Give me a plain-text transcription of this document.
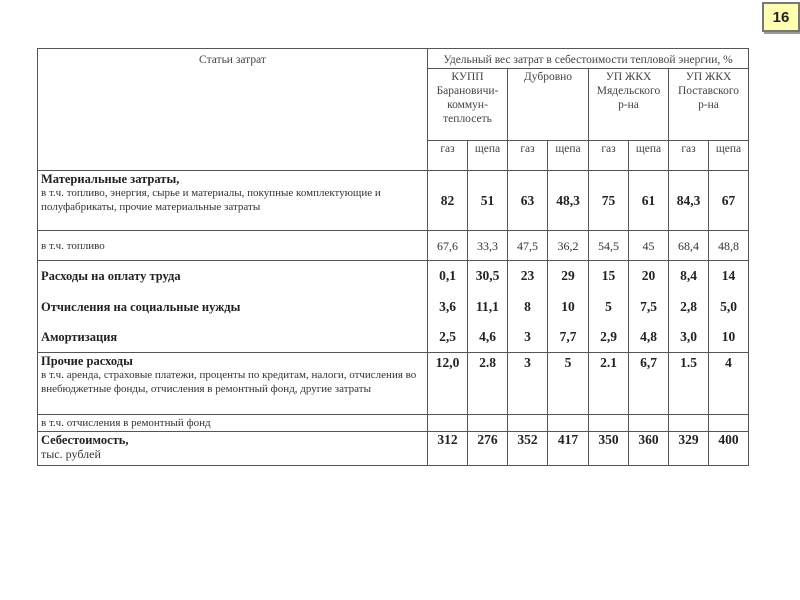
16
Статьи затрат	Удельный вес затрат в себестоимости тепловой энергии, %							
	КУПП Барановичи-коммун-теплосеть		Дубровно		УП ЖКХ Мядельского р-на		УП ЖКХ Поставского р-на	
	газ	щепа	газ	щепа	газ	щепа	газ	щепа

Материальные затраты,
в т.ч. топливо, энергия, сырье и материалы, покупные комплектующие и полуфабрикаты, прочие материальные затраты	82	51	63	48,3	75	61	84,3	67
в т.ч. топливо	67,6	33,3	47,5	36,2	54,5	45	68,4	48,8
Расходы на оплату труда	0,1	30,5	23	29	15	20	8,4	14
Отчисления на социальные нужды	3,6	11,1	8	10	5	7,5	2,8	5,0
Амортизация	2,5	4,6	3	7,7	2,9	4,8	3,0	10

Прочие расходы
в т.ч. аренда, страховые платежи, проценты по кредитам, налоги, отчисления во внебюджетные фонды, отчисления в ремонтный фонд, другие затраты	12,0	2.8	3	5	2.1	6,7	1.5	4
в т.ч. отчисления в ремонтный фонд								

Себестоимость,
тыс. рублей	312	276	352	417	350	360	329	400
